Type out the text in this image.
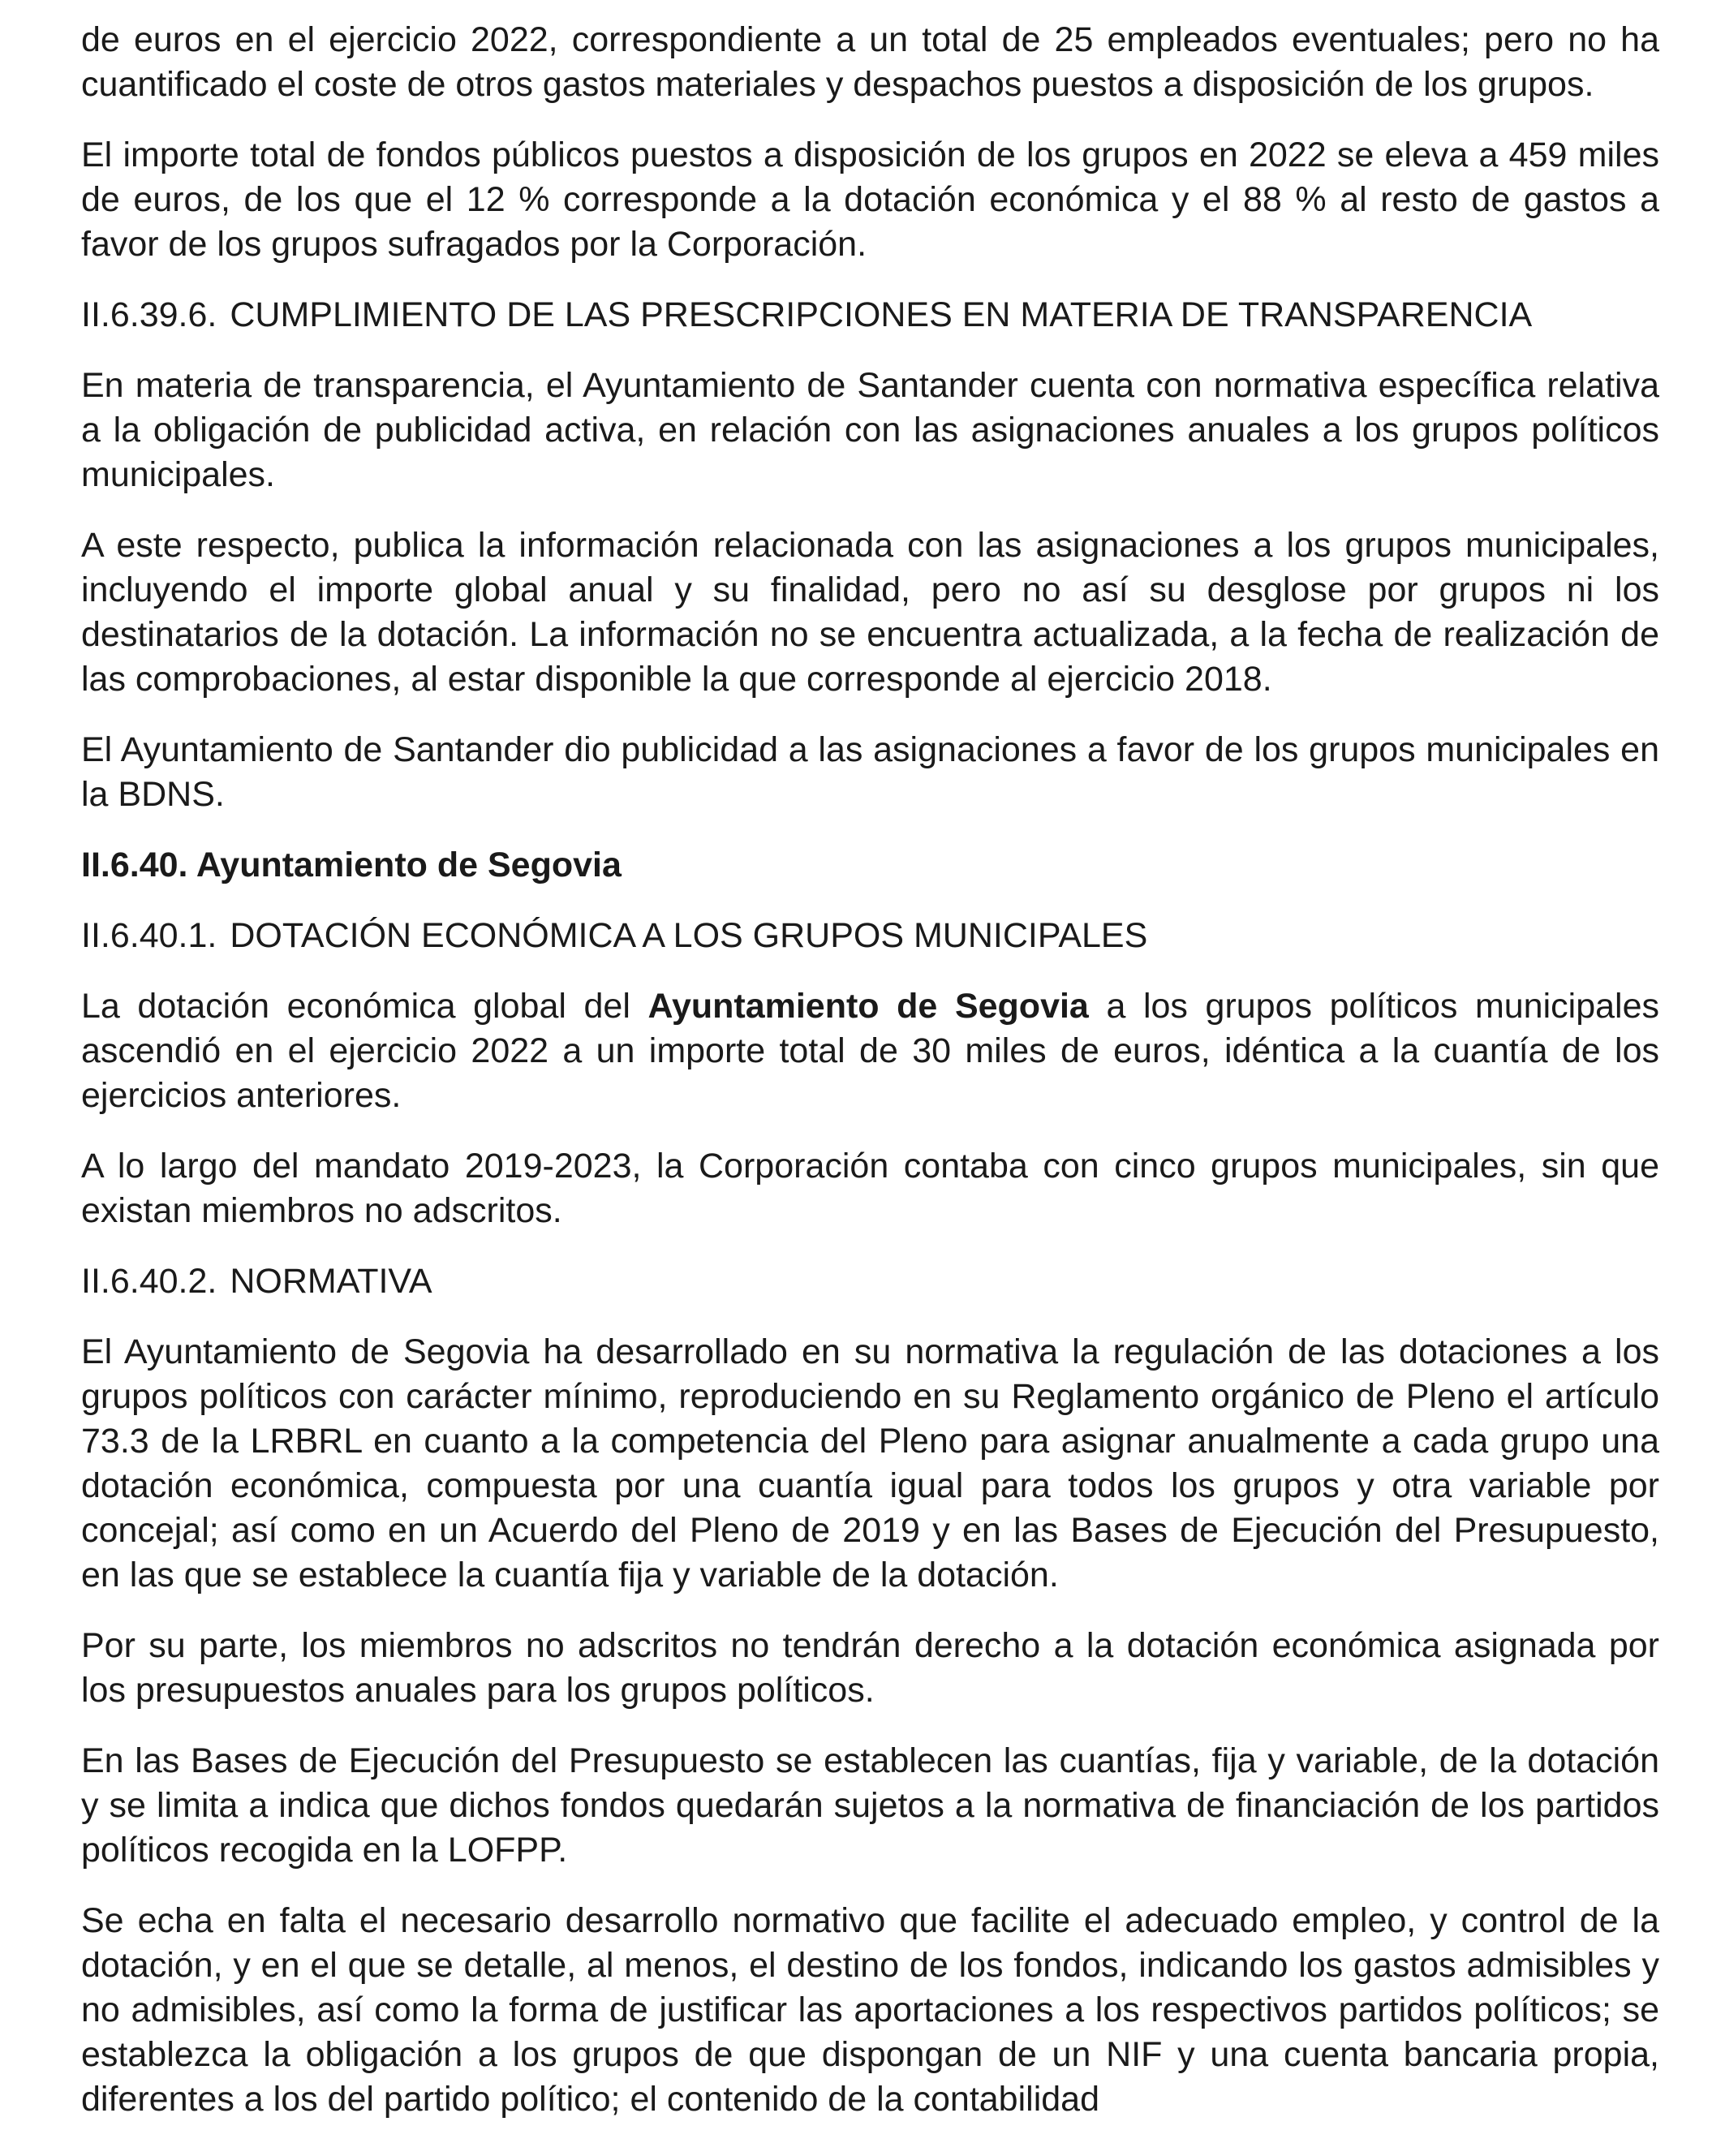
de euros en el ejercicio 2022, correspondiente a un total de 25 empleados eventuales; pero no ha cuantificado el coste de otros gastos materiales y despachos puestos a disposición de los grupos.

El importe total de fondos públicos puestos a disposición de los grupos en 2022 se eleva a 459 miles de euros, de los que el 12 % corresponde a la dotación económica y el 88 % al resto de gastos a favor de los grupos sufragados por la Corporación.

II.6.39.6. CUMPLIMIENTO DE LAS PRESCRIPCIONES EN MATERIA DE TRANSPARENCIA

En materia de transparencia, el Ayuntamiento de Santander cuenta con normativa específica relativa a la obligación de publicidad activa, en relación con las asignaciones anuales a los grupos políticos municipales.

A este respecto, publica la información relacionada con las asignaciones a los grupos municipales, incluyendo el importe global anual y su finalidad, pero no así su desglose por grupos ni los destinatarios de la dotación. La información no se encuentra actualizada, a la fecha de realización de las comprobaciones, al estar disponible la que corresponde al ejercicio 2018.

El Ayuntamiento de Santander dio publicidad a las asignaciones a favor de los grupos municipales en la BDNS.

II.6.40. Ayuntamiento de Segovia
II.6.40.1. DOTACIÓN ECONÓMICA A LOS GRUPOS MUNICIPALES

La dotación económica global del Ayuntamiento de Segovia a los grupos políticos municipales ascendió en el ejercicio 2022 a un importe total de 30 miles de euros, idéntica a la cuantía de los ejercicios anteriores.

A lo largo del mandato 2019-2023, la Corporación contaba con cinco grupos municipales, sin que existan miembros no adscritos.

II.6.40.2. NORMATIVA

El Ayuntamiento de Segovia ha desarrollado en su normativa la regulación de las dotaciones a los grupos políticos con carácter mínimo, reproduciendo en su Reglamento orgánico de Pleno el artículo 73.3 de la LRBRL en cuanto a la competencia del Pleno para asignar anualmente a cada grupo una dotación económica, compuesta por una cuantía igual para todos los grupos y otra variable por concejal; así como en un Acuerdo del Pleno de 2019 y en las Bases de Ejecución del Presupuesto, en las que se establece la cuantía fija y variable de la dotación.

Por su parte, los miembros no adscritos no tendrán derecho a la dotación económica asignada por los presupuestos anuales para los grupos políticos.

En las Bases de Ejecución del Presupuesto se establecen las cuantías, fija y variable, de la dotación y se limita a indica que dichos fondos quedarán sujetos a la normativa de financiación de los partidos políticos recogida en la LOFPP.

Se echa en falta el necesario desarrollo normativo que facilite el adecuado empleo, y control de la dotación, y en el que se detalle, al menos, el destino de los fondos, indicando los gastos admisibles y no admisibles, así como la forma de justificar las aportaciones a los respectivos partidos políticos; se establezca la obligación a los grupos de que dispongan de un NIF y una cuenta bancaria propia, diferentes a los del partido político; el contenido de la contabilidad
